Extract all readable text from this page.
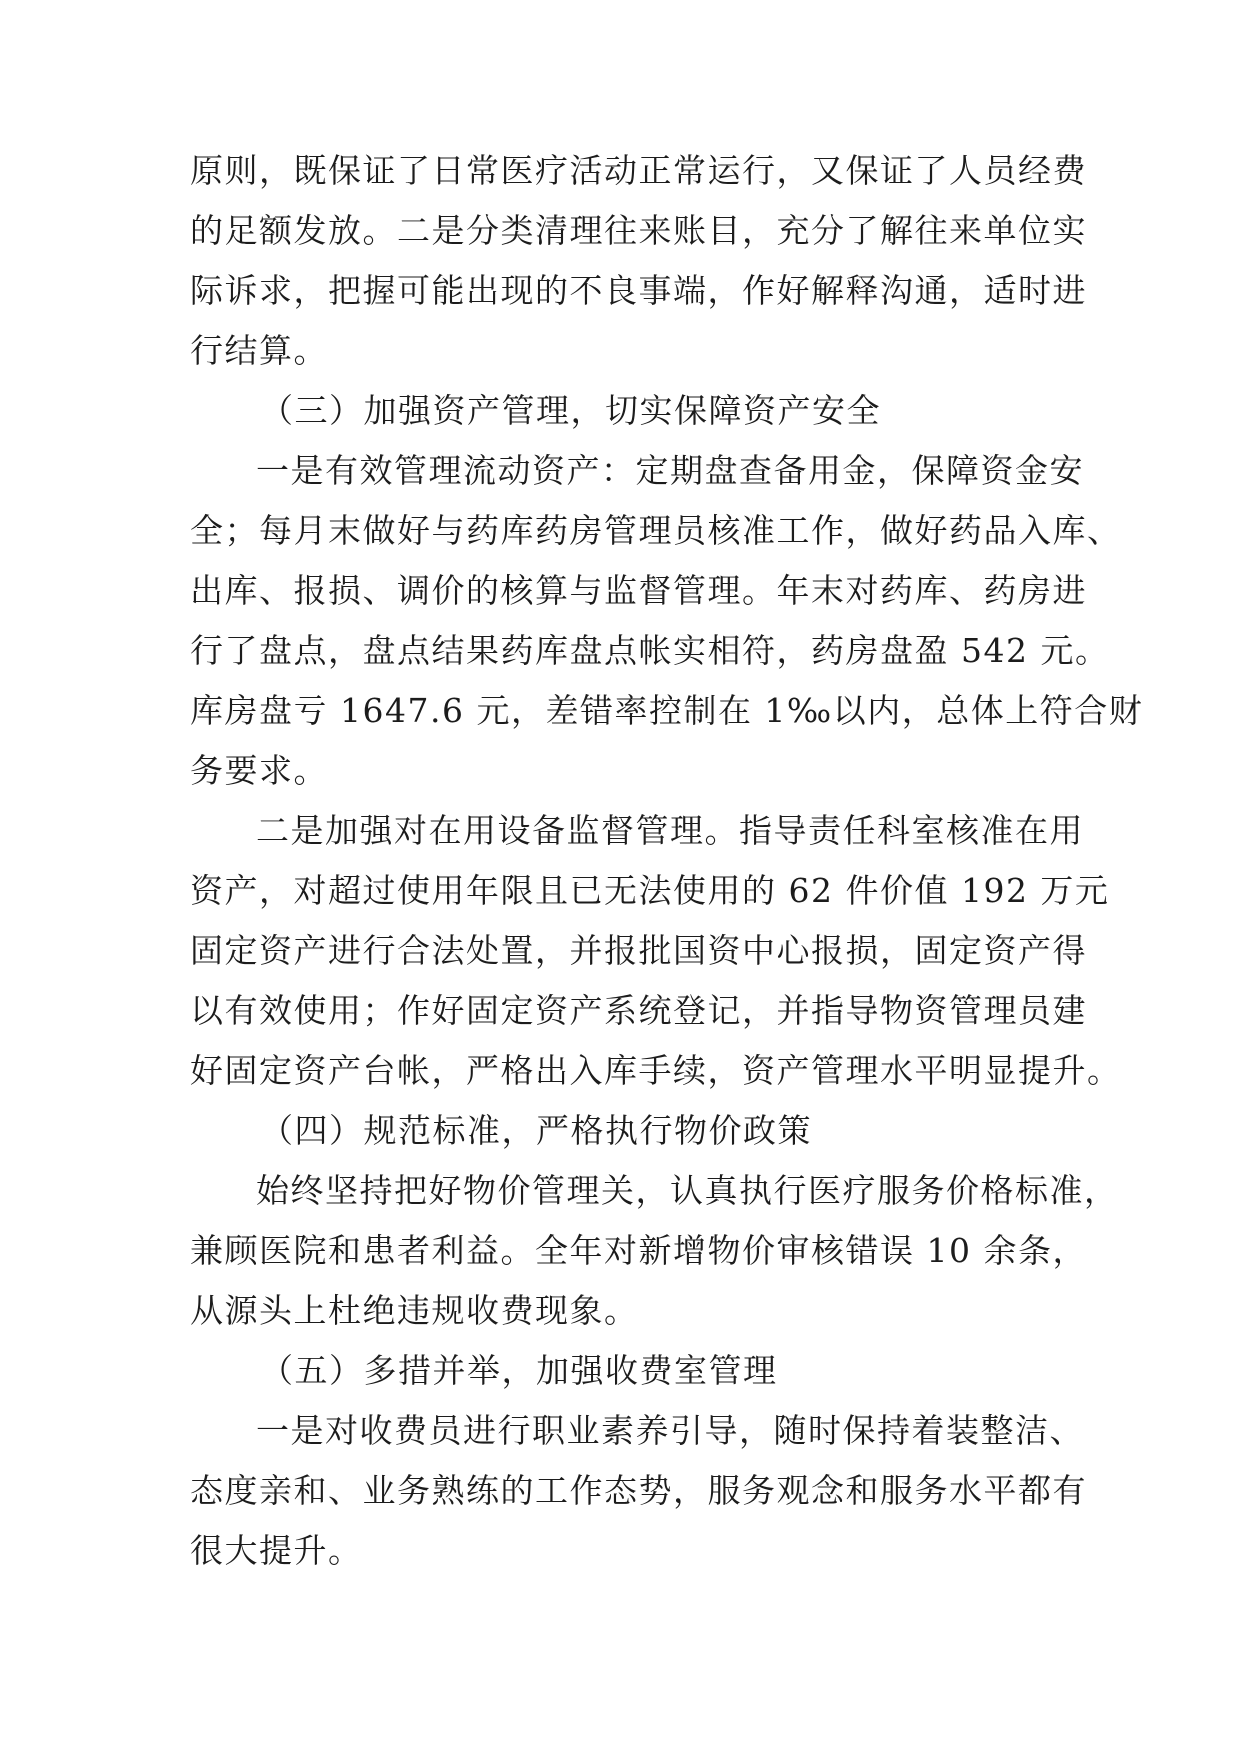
原则，既保证了日常医疗活动正常运行，又保证了人员经费
的足额发放。二是分类清理往来账目，充分了解往来单位实
际诉求，把握可能出现的不良事端，作好解释沟通，适时进
行结算。
（三）加强资产管理，切实保障资产安全
一是有效管理流动资产：定期盘查备用金，保障资金安
全；每月末做好与药库药房管理员核准工作，做好药品入库、
出库、报损、调价的核算与监督管理。年末对药库、药房进
行了盘点，盘点结果药库盘点帐实相符，药房盘盈 542 元。
库房盘亏 1647.6 元，差错率控制在 1‰以内，总体上符合财
务要求。
二是加强对在用设备监督管理。指导责任科室核准在用
资产，对超过使用年限且已无法使用的 62 件价值 192 万元
固定资产进行合法处置，并报批国资中心报损，固定资产得
以有效使用；作好固定资产系统登记，并指导物资管理员建
好固定资产台帐，严格出入库手续，资产管理水平明显提升。
（四）规范标准，严格执行物价政策
始终坚持把好物价管理关，认真执行医疗服务价格标准，
兼顾医院和患者利益。全年对新增物价审核错误 10 余条，
从源头上杜绝违规收费现象。
（五）多措并举，加强收费室管理
一是对收费员进行职业素养引导，随时保持着装整洁、
态度亲和、业务熟练的工作态势，服务观念和服务水平都有
很大提升。
